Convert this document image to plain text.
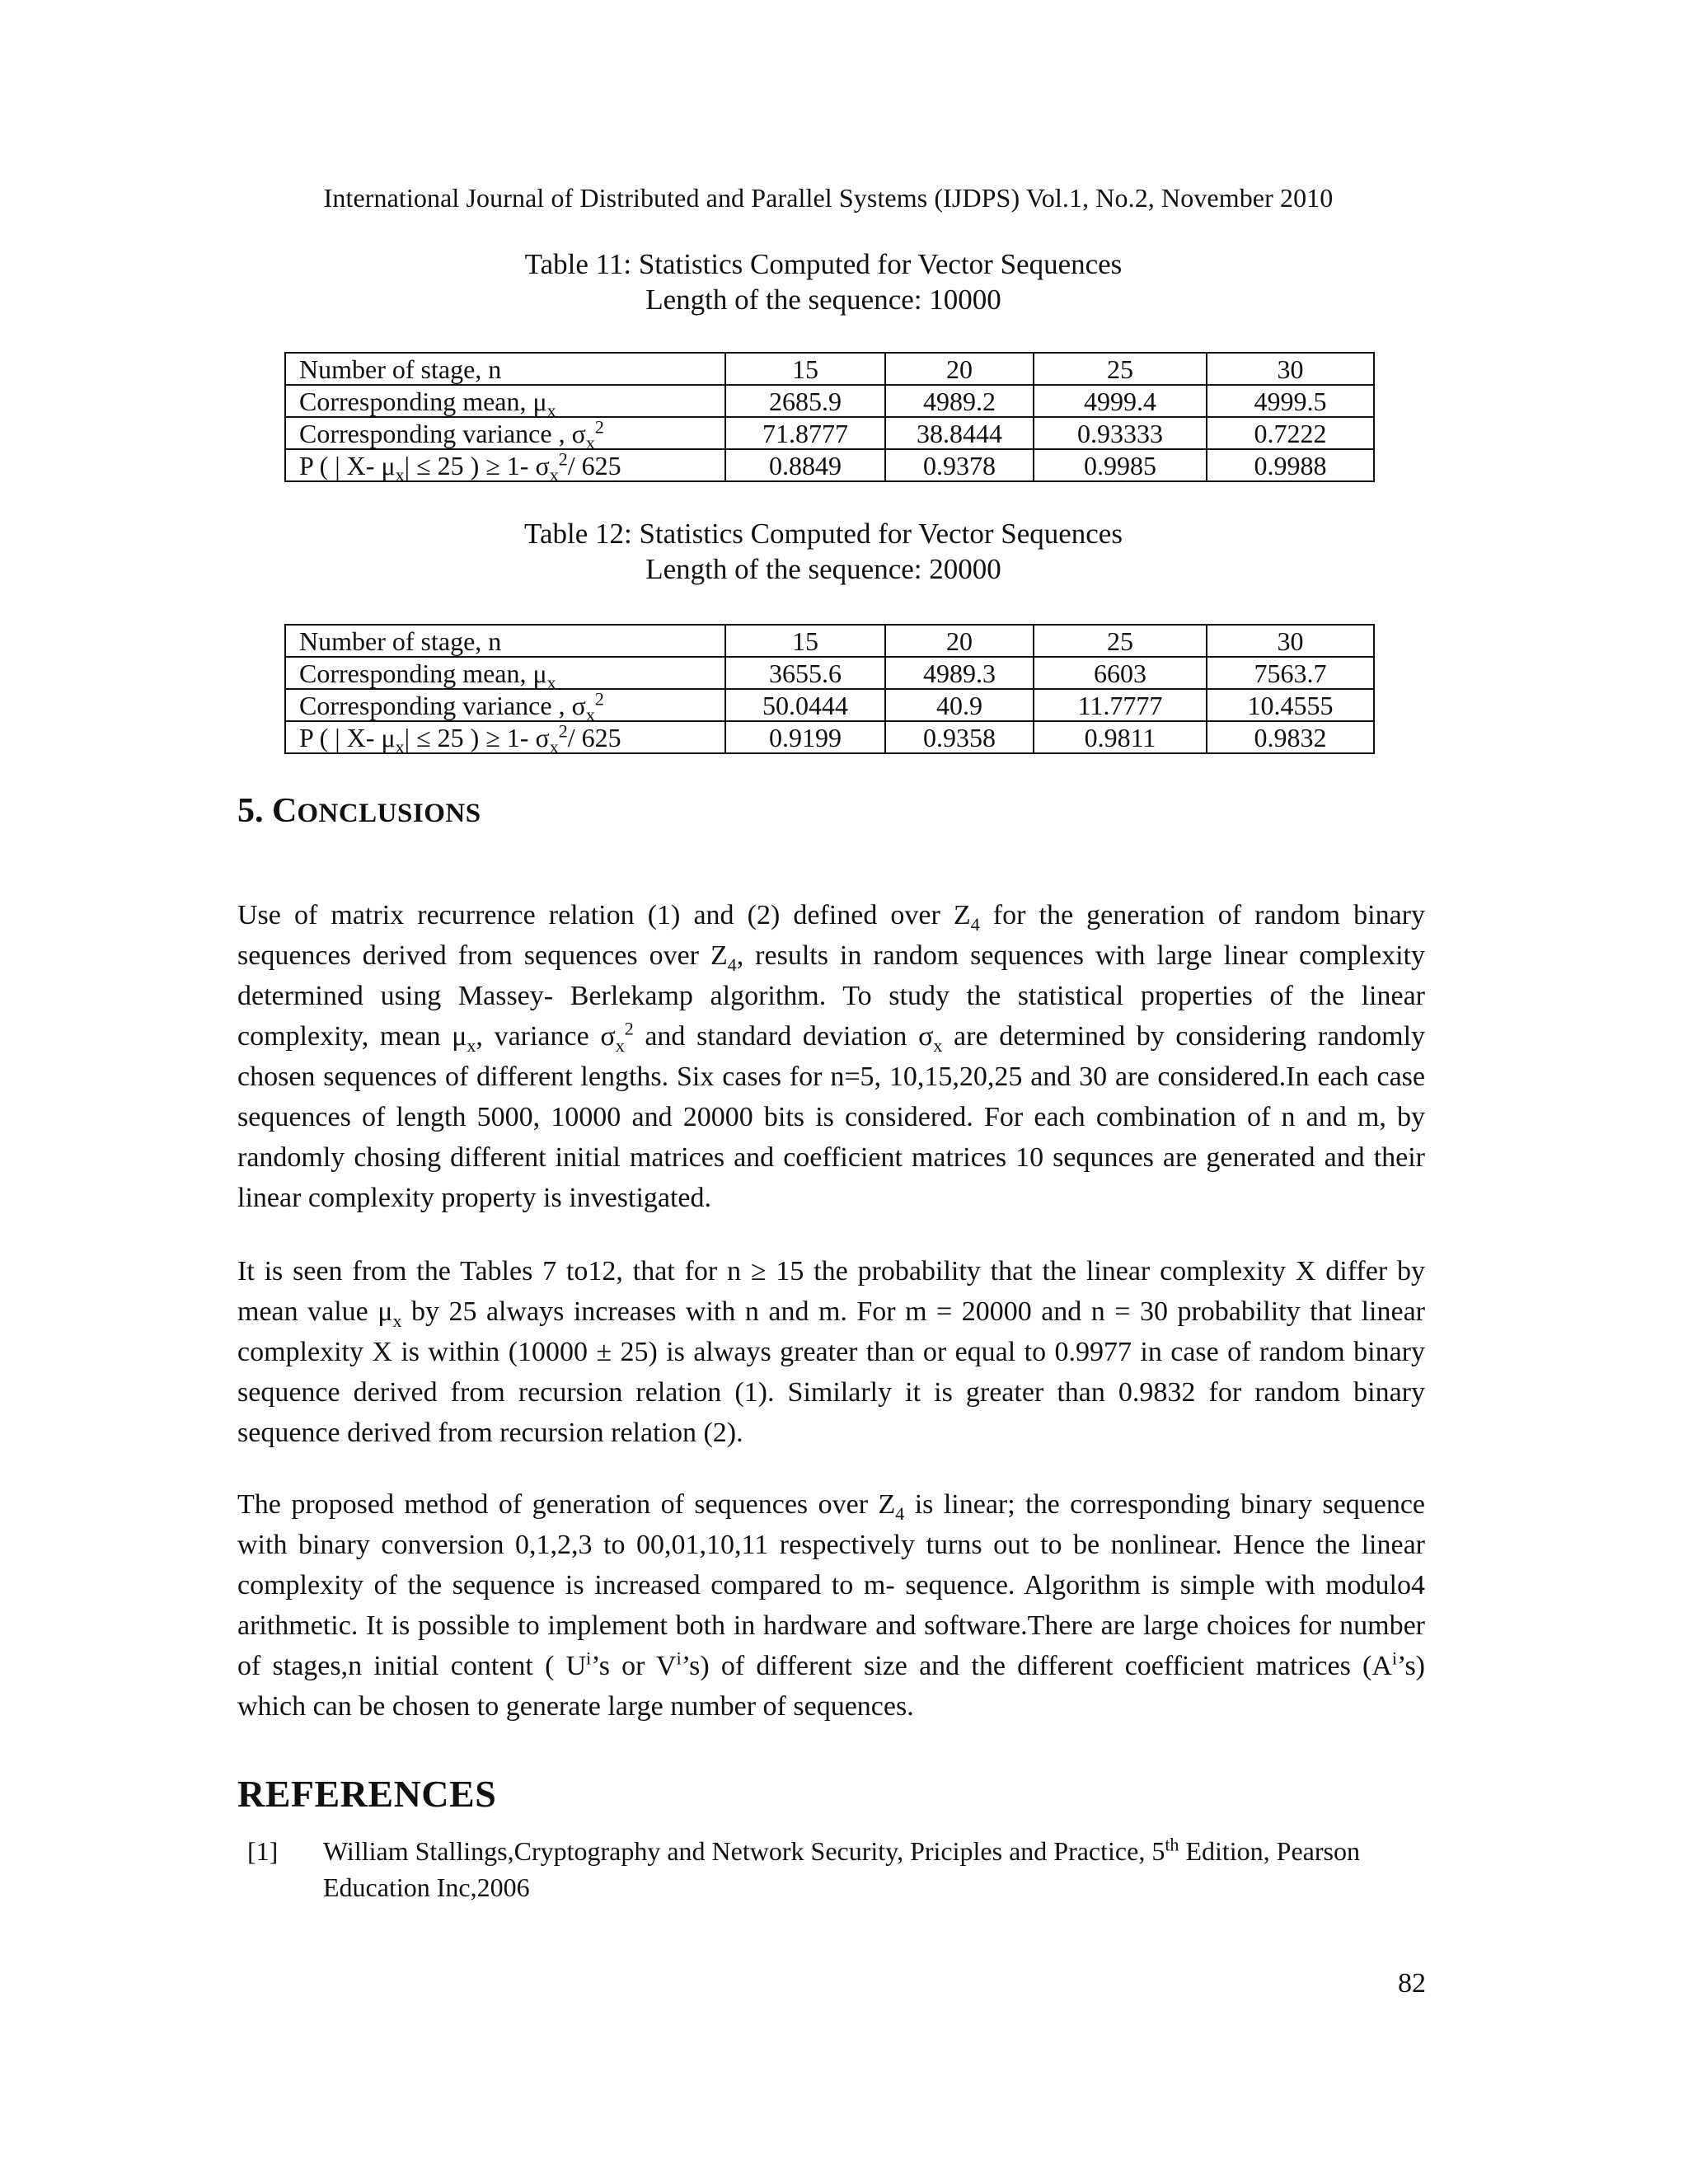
International Journal of Distributed and Parallel Systems (IJDPS) Vol.1, No.2, November 2010
Table 11: Statistics Computed for Vector Sequences
Length of the sequence: 10000
Number of stage, n	15	20	25	30
Corresponding mean, $\mu_x$	2685.9	4989.2	4999.4	4999.5
Corresponding variance , $\sigma_x^2$	71.8777	38.8444	0.93333	0.7222
P ( | X- $\mu_x| \le 25$ ) ≥ 1- $\sigma_x^2/$ 625	0.8849	0.9378	0.9985	0.9988
Table 12: Statistics Computed for Vector Sequences
Length of the sequence: 20000
Number of stage, n	15	20	25	30
Corresponding mean, $\mu_x$	3655.6	4989.3	6603	7563.7
Corresponding variance , $\sigma_x^2$	50.0444	40.9	11.7777	10.4555
P ( | X- $\mu_x| \le 25$ ) ≥ 1- $\sigma_x^2/$ 625	0.9199	0.9358	0.9811	0.9832
5. CONCLUSIONS

Use of matrix recurrence relation (1) and (2) defined over $Z_4$ for the generation of random binary sequences derived from sequences over $Z_4$, results in random sequences with large linear complexity determined using Massey- Berlekamp algorithm. To study the statistical properties of the linear complexity, mean $\mu_x$, variance $\sigma_x^2$ and standard deviation $\sigma_x$ are determined by considering randomly chosen sequences of different lengths. Six cases for n=5, 10,15,20,25 and 30 are considered.In each case sequences of length 5000, 10000 and 20000 bits is considered. For each combination of n and m, by randomly chosing different initial matrices and coefficient matrices 10 sequnces are generated and their linear complexity property is investigated.

It is seen from the Tables 7 to12, that for n ≥ 15 the probability that the linear complexity X differ by mean value $\mu_x$ by 25 always increases with n and m. For m = 20000 and n = 30 probability that linear complexity X is within (10000 ± 25) is always greater than or equal to 0.9977 in case of random binary sequence derived from recursion relation (1). Similarly it is greater than 0.9832 for random binary sequence derived from recursion relation (2).

The proposed method of generation of sequences over $Z_4$ is linear; the corresponding binary sequence with binary conversion 0,1,2,3 to 00,01,10,11 respectively turns out to be nonlinear. Hence the linear complexity of the sequence is increased compared to m- sequence. Algorithm is simple with modulo4 arithmetic. It is possible to implement both in hardware and software.There are large choices for number of stages,n initial content ( $U^i’s$ or $V^i’s$) of different size and the different coefficient matrices $(A^i’s)$ which can be chosen to generate large number of sequences.

REFERENCES
[1] William Stallings,Cryptography and Network Security, Priciples and Practice, 5th Edition, Pearson Education Inc,2006
82
